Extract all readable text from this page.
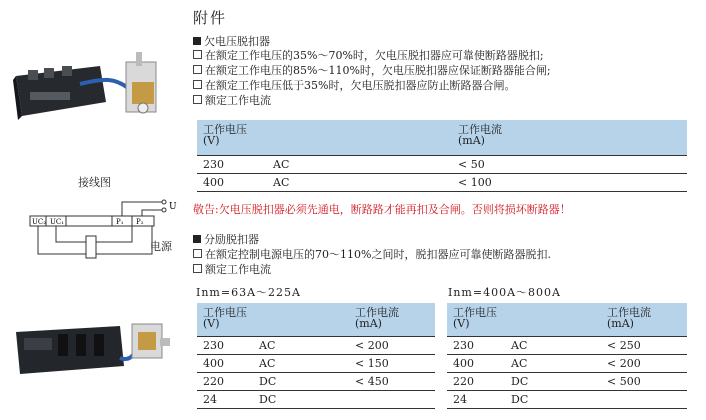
附件
欠电压脱扣器
在额定工作电压的35%～70%时，欠电压脱扣器应可靠使断路器脱扣;
在额定工作电压的85%～110%时，欠电压脱扣器应保证断路器能合闸;
在额定工作电压低于35%时，欠电压脱扣器应防止断路器合闸。
额定工作电流
工作电压
(V)		工作电流
(mA)
230	AC	< 50
400	AC	< 100
敬告:欠电压脱扣器必须先通电，断路路才能再扣及合闸。否则将损坏断路器！
接线图
UC₂ UC₁	P₁ P₂
U
电源
分励脱扣器
在额定控制电源电压的70～110%之间时，脱扣器应可靠使断路器脱扣.
额定工作电流
Inm=63A～225A	Inm=400A～800A
工作电压
(V)		工作电流
(mA)
230	AC	< 200
400	AC	< 150
220	DC	< 450
24	DC	
工作电压
(V)		工作电流
(mA)
230	AC	< 250
400	AC	< 200
220	DC	< 500
24	DC	
